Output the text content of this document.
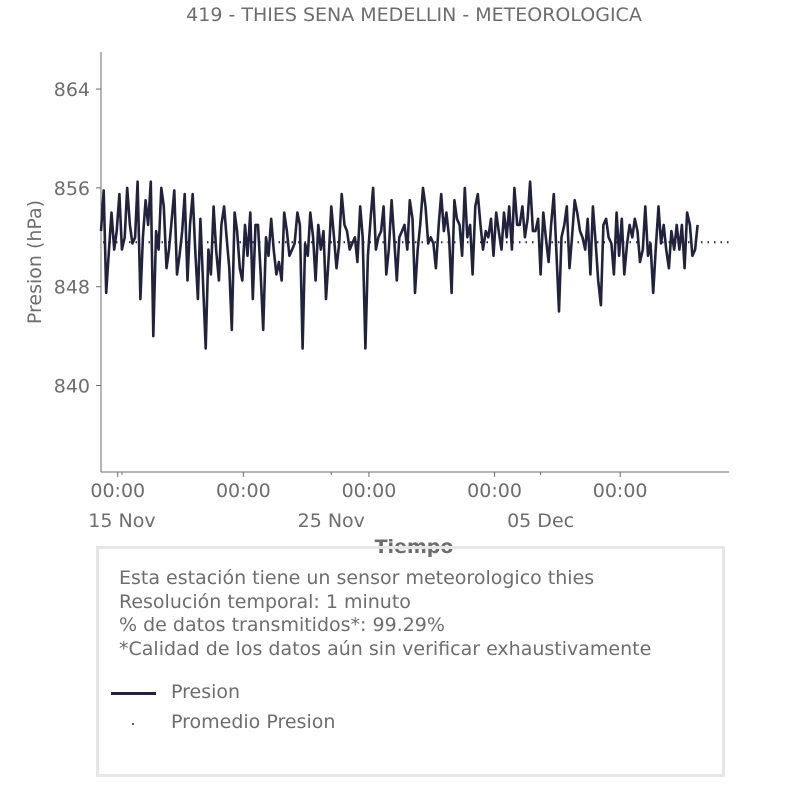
419 - THIES SENA MEDELLIN - METEOROLOGICA
Presion (hPa)
840
848
856
864
00:00	00:00	00:00	00:00	00:00
15 Nov	25 Nov	05 Dec
Tiempo
Esta estación tiene un sensor meteorologico thies
Resolución temporal: 1 minuto
% de datos transmitidos*: 99.29%
*Calidad de los datos aún sin verificar exhaustivamente
Presion
Promedio Presion
